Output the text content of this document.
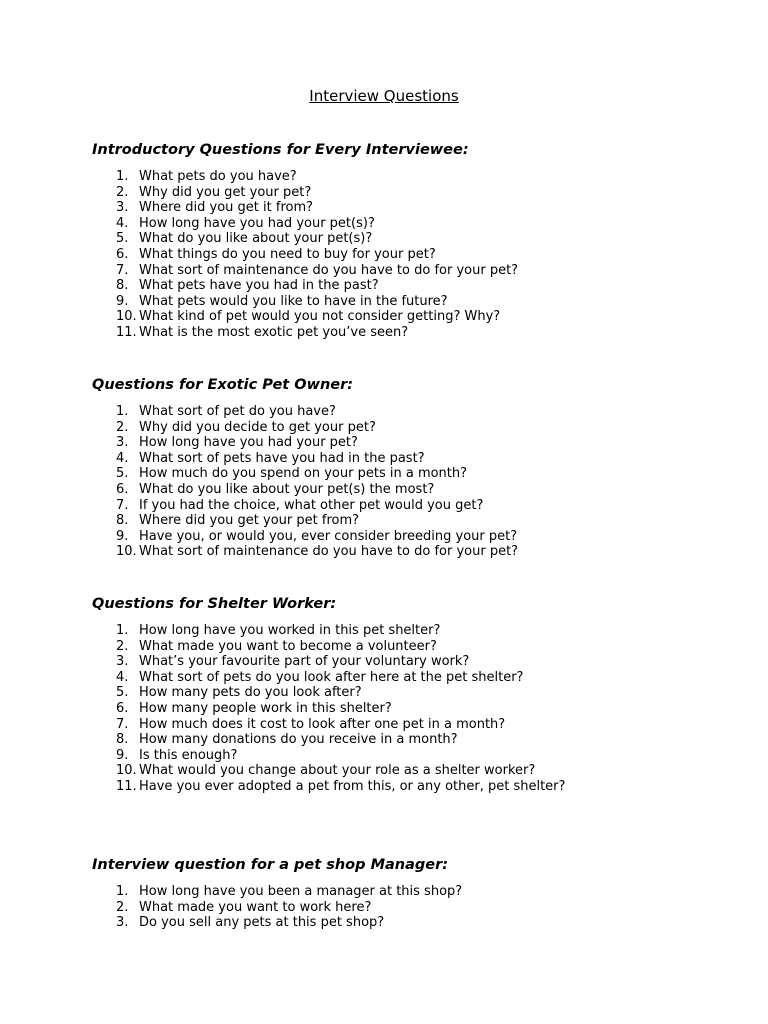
Interview Questions
Introductory Questions for Every Interviewee:
1. What pets do you have?
2. Why did you get your pet?
3. Where did you get it from?
4. How long have you had your pet(s)?
5. What do you like about your pet(s)?
6. What things do you need to buy for your pet?
7. What sort of maintenance do you have to do for your pet?
8. What pets have you had in the past?
9. What pets would you like to have in the future?
10. What kind of pet would you not consider getting? Why?
11. What is the most exotic pet you’ve seen?
Questions for Exotic Pet Owner:
1. What sort of pet do you have?
2. Why did you decide to get your pet?
3. How long have you had your pet?
4. What sort of pets have you had in the past?
5. How much do you spend on your pets in a month?
6. What do you like about your pet(s) the most?
7. If you had the choice, what other pet would you get?
8. Where did you get your pet from?
9. Have you, or would you, ever consider breeding your pet?
10. What sort of maintenance do you have to do for your pet?
Questions for Shelter Worker:
1. How long have you worked in this pet shelter?
2. What made you want to become a volunteer?
3. What’s your favourite part of your voluntary work?
4. What sort of pets do you look after here at the pet shelter?
5. How many pets do you look after?
6. How many people work in this shelter?
7. How much does it cost to look after one pet in a month?
8. How many donations do you receive in a month?
9. Is this enough?
10. What would you change about your role as a shelter worker?
11. Have you ever adopted a pet from this, or any other, pet shelter?
Interview question for a pet shop Manager:
1. How long have you been a manager at this shop?
2. What made you want to work here?
3. Do you sell any pets at this pet shop?
